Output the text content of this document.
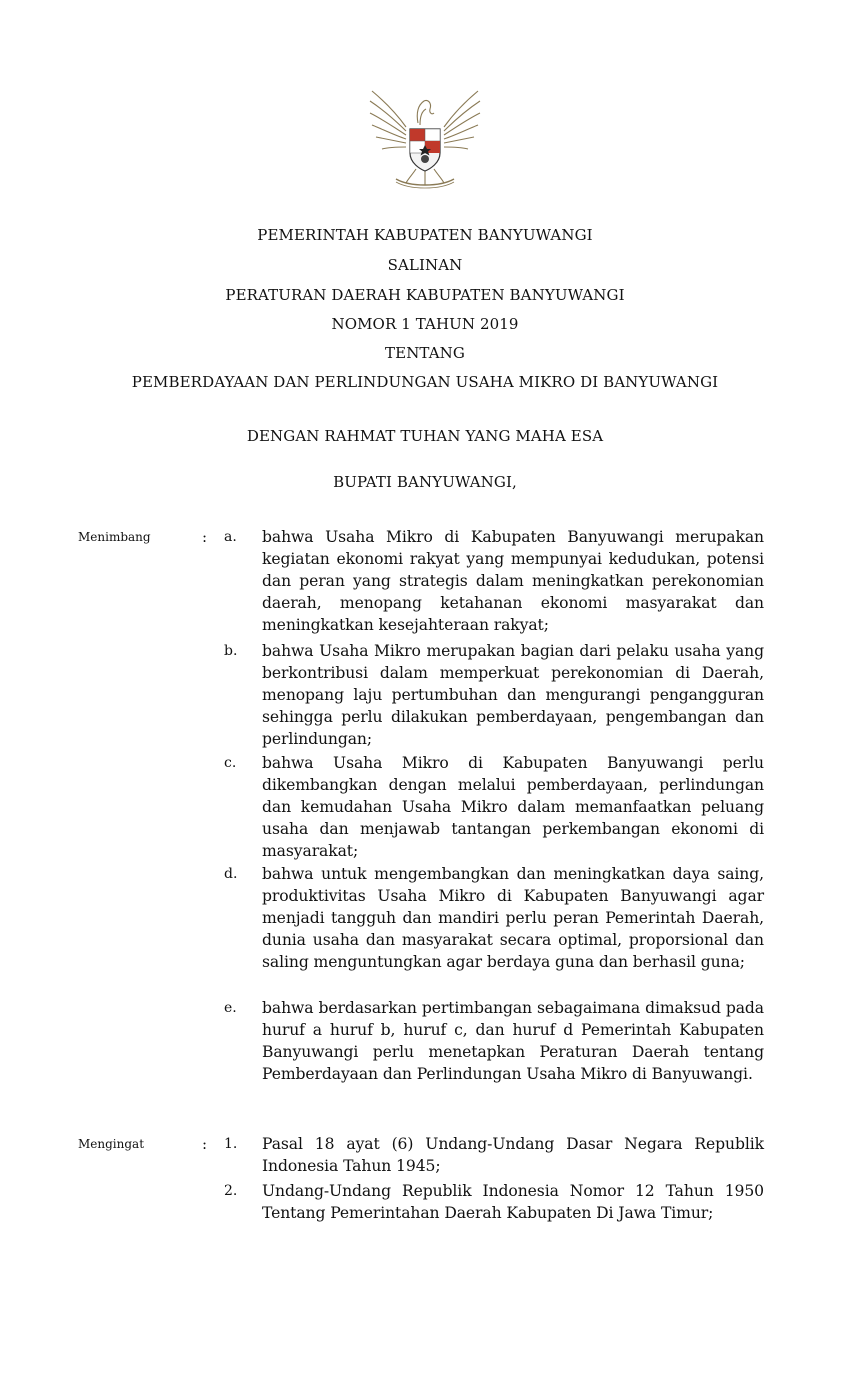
PEMERINTAH KABUPATEN BANYUWANGI
SALINAN
PERATURAN DAERAH KABUPATEN BANYUWANGI
NOMOR 1 TAHUN 2019
TENTANG
PEMBERDAYAAN DAN PERLINDUNGAN USAHA MIKRO DI BANYUWANGI
DENGAN RAHMAT TUHAN YANG MAHA ESA
BUPATI BANYUWANGI,
Menimbang	: a. bahwa Usaha Mikro di Kabupaten Banyuwangi merupakan kegiatan ekonomi rakyat yang mempunyai kedudukan, potensi dan peran yang strategis dalam meningkatkan perekonomian daerah, menopang ketahanan ekonomi masyarakat dan meningkatkan kesejahteraan rakyat;
b. bahwa Usaha Mikro merupakan bagian dari pelaku usaha yang berkontribusi dalam memperkuat perekonomian di Daerah, menopang laju pertumbuhan dan mengurangi pengangguran sehingga perlu dilakukan pemberdayaan, pengembangan dan perlindungan;
c. bahwa Usaha Mikro di Kabupaten Banyuwangi perlu dikembangkan dengan melalui pemberdayaan, perlindungan dan kemudahan Usaha Mikro dalam memanfaatkan peluang usaha dan menjawab tantangan perkembangan ekonomi di masyarakat;
d. bahwa untuk mengembangkan dan meningkatkan daya saing, produktivitas Usaha Mikro di Kabupaten Banyuwangi agar menjadi tangguh dan mandiri perlu peran Pemerintah Daerah, dunia usaha dan masyarakat secara optimal, proporsional dan saling menguntungkan agar berdaya guna dan berhasil guna;
e. bahwa berdasarkan pertimbangan sebagaimana dimaksud pada huruf a huruf b, huruf c, dan huruf d Pemerintah Kabupaten Banyuwangi perlu menetapkan Peraturan Daerah tentang Pemberdayaan dan Perlindungan Usaha Mikro di Banyuwangi.
Mengingat	: 1. Pasal 18 ayat (6) Undang-Undang Dasar Negara Republik Indonesia Tahun 1945;
2. Undang-Undang Republik Indonesia Nomor 12 Tahun 1950 Tentang Pemerintahan Daerah Kabupaten Di Jawa Timur;
